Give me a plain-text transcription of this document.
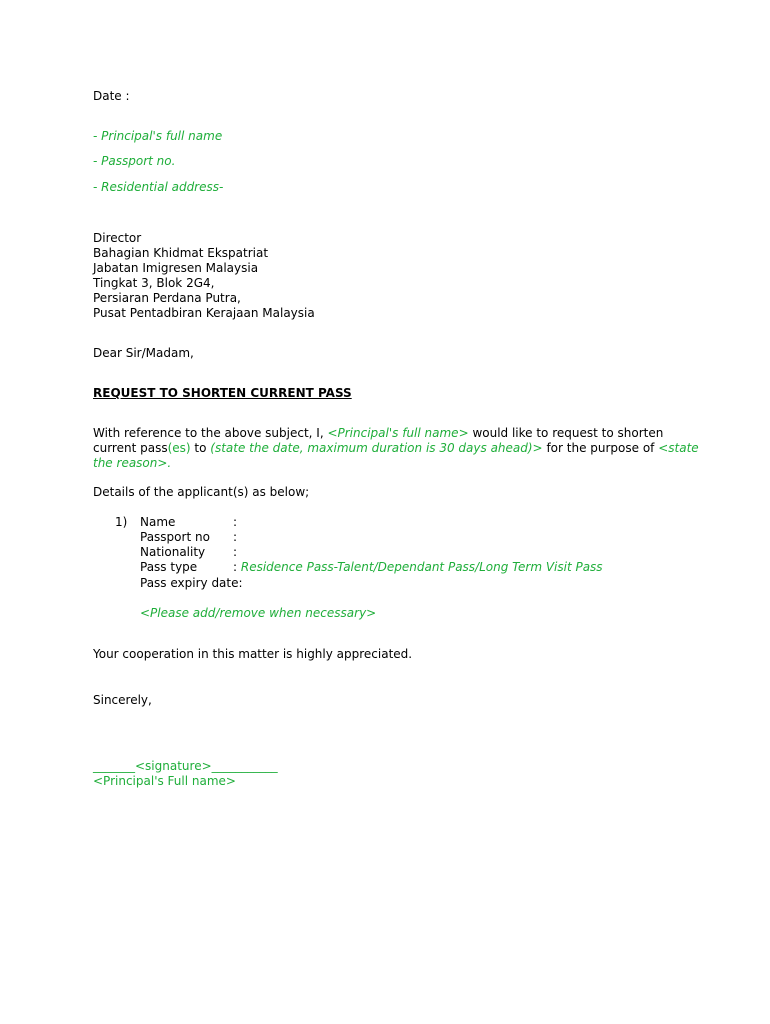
Date :
- Principal's full name
- Passport no.
- Residential address-
Director
Bahagian Khidmat Ekspatriat
Jabatan Imigresen Malaysia
Tingkat 3, Blok 2G4,
Persiaran Perdana Putra,
Pusat Pentadbiran Kerajaan Malaysia
Dear Sir/Madam,
REQUEST TO SHORTEN CURRENT PASS
With reference to the above subject, I, <Principal's full name> would like to request to shorten
current pass(es) to (state the date, maximum duration is 30 days ahead)> for the purpose of <state
the reason>.
Details of the applicant(s) as below;
1) Name	:
Passport no :
Nationality :
Pass type	: Residence Pass-Talent/Dependant Pass/Long Term Visit Pass
Pass expiry date:
<Please add/remove when necessary>
Your cooperation in this matter is highly appreciated.
Sincerely,
_______<signature>___________
<Principal's Full name>
